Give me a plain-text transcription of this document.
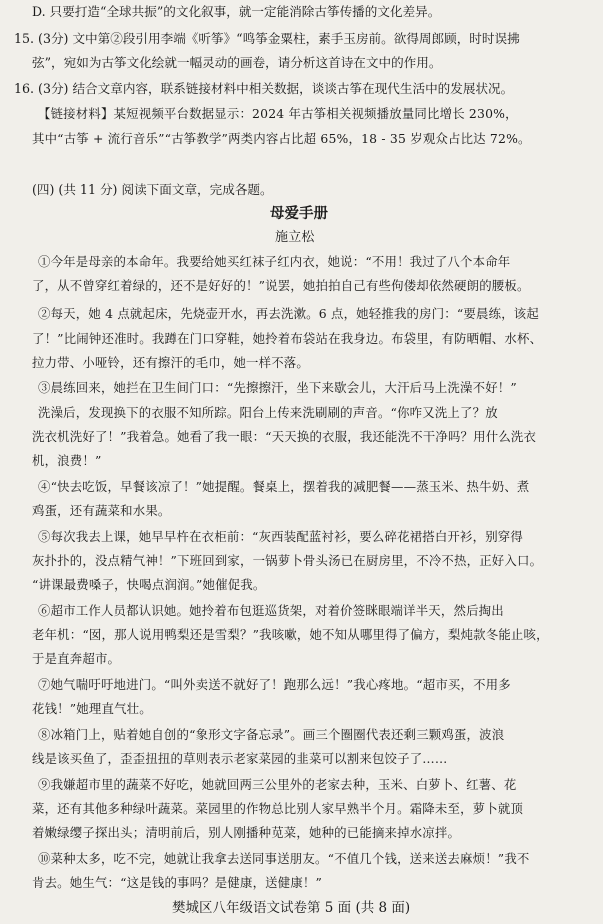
D. 只要打造“全球共振”的文化叙事，就一定能消除古筝传播的文化差异。
15. (3分) 文中第②段引用李端《听筝》“鸣筝金粟柱，素手玉房前。欲得周郎顾，时时误拂
弦”，宛如为古筝文化绘就一幅灵动的画卷，请分析这首诗在文中的作用。
16. (3分) 结合文章内容，联系链接材料中相关数据，谈谈古筝在现代生活中的发展状况。
【链接材料】某短视频平台数据显示：2024 年古筝相关视频播放量同比增长 230%，
其中“古筝 + 流行音乐”“古筝教学”两类内容占比超 65%，18 - 35 岁观众占比达 72%。
(四) (共 11 分) 阅读下面文章，完成各题。
母爱手册
施立松
①今年是母亲的本命年。我要给她买红袜子红内衣，她说：“不用！我过了八个本命年
了，从不曾穿红着绿的，还不是好好的！”说罢，她拍拍自己有些佝偻却依然硬朗的腰板。
②每天，她 4 点就起床，先烧壶开水，再去洗漱。6 点，她轻推我的房门：“要晨练，该起
了！”比闹钟还准时。我蹲在门口穿鞋，她拎着布袋站在我身边。布袋里，有防晒帽、水杯、
拉力带、小哑铃，还有擦汗的毛巾，她一样不落。
③晨练回来，她拦在卫生间门口：“先擦擦汗，坐下来歇会儿，大汗后马上洗澡不好！”
洗澡后，发现换下的衣服不知所踪。阳台上传来洗刷刷的声音。“你咋又洗上了？放
洗衣机洗好了！”我着急。她看了我一眼：“天天换的衣服，我还能洗不干净吗？用什么洗衣
机，浪费！”
④“快去吃饭，早餐该凉了！”她提醒。餐桌上，摆着我的减肥餐——蒸玉米、热牛奶、煮
鸡蛋，还有蔬菜和水果。
⑤每次我去上课，她早早杵在衣柜前：“灰西装配蓝衬衫，要么碎花裙搭白开衫，别穿得
灰扑扑的，没点精气神！”下班回到家，一锅萝卜骨头汤已在厨房里，不冷不热，正好入口。
“讲课最费嗓子，快喝点润润。”她催促我。
⑥超市工作人员都认识她。她拎着布包逛巡货架，对着价签眯眼端详半天，然后掏出
老年机：“囡，那人说用鸭梨还是雪梨？”我咳嗽，她不知从哪里得了偏方，梨炖款冬能止咳，
于是直奔超市。
⑦她气喘吁吁地进门。“叫外卖送不就好了！跑那么远！”我心疼地。“超市买，不用多
花钱！”她理直气壮。
⑧冰箱门上，贴着她自创的“象形文字备忘录”。画三个圈圈代表还剩三颗鸡蛋，波浪
线是该买鱼了，歪歪扭扭的草则表示老家菜园的韭菜可以割来包饺子了……
⑨我嫌超市里的蔬菜不好吃，她就回两三公里外的老家去种，玉米、白萝卜、红薯、花
菜，还有其他多种绿叶蔬菜。菜园里的作物总比别人家早熟半个月。霜降未至，萝卜就顶
着嫩绿缨子探出头；清明前后，别人刚播种苋菜，她种的已能摘来掉水凉拌。
⑩菜种太多，吃不完，她就让我拿去送同事送朋友。“不值几个钱，送来送去麻烦！”我不
肯去。她生气：“这是钱的事吗？是健康，送健康！”
樊城区八年级语文试卷第 5 面 (共 8 面)
